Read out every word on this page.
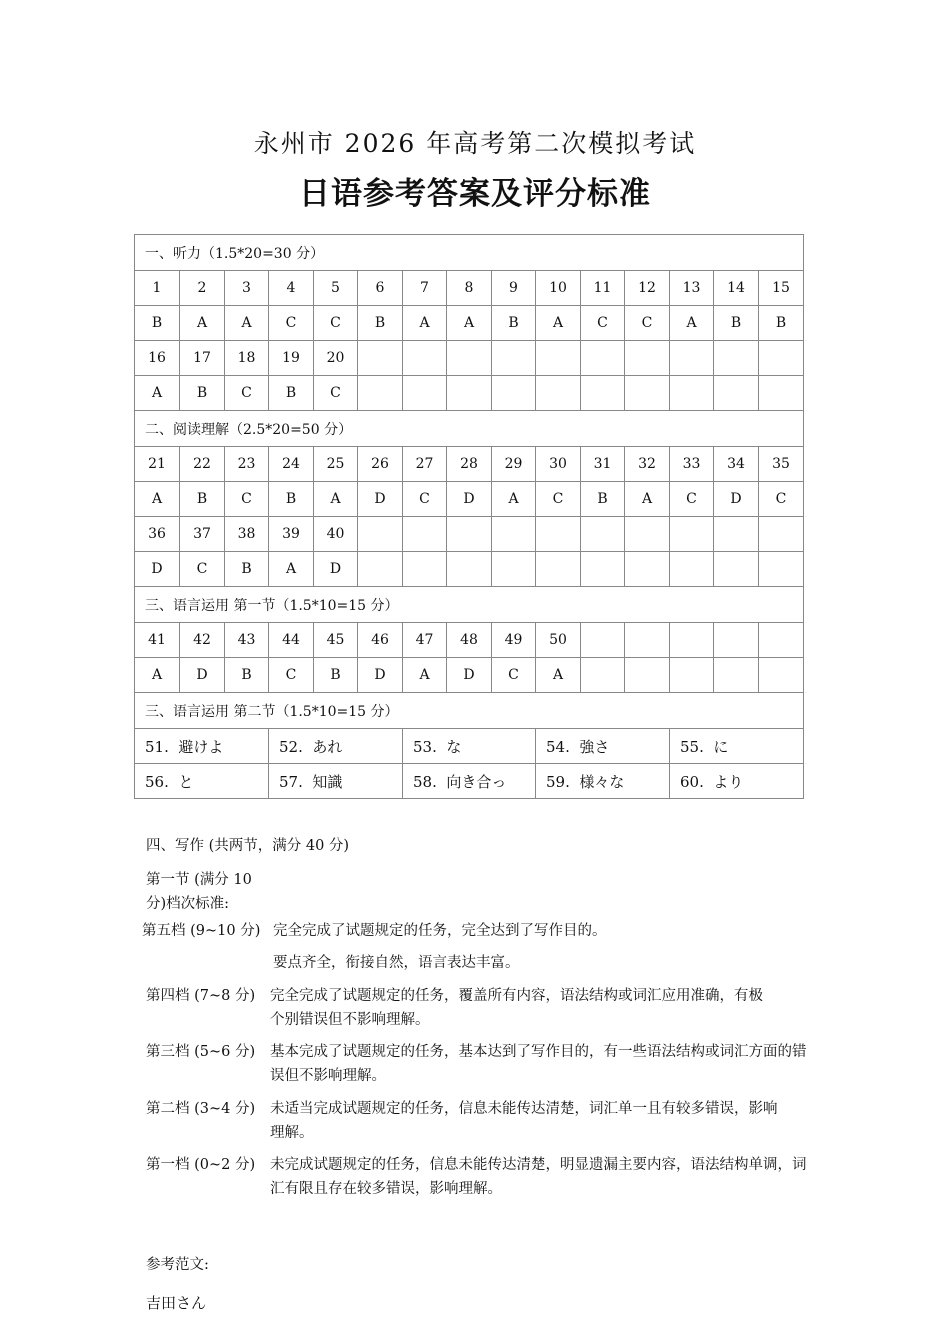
永州市 2026 年高考第二次模拟考试
日语参考答案及评分标准
一、听力（1.5*20=30 分）														
1	2	3	4	5	6	7	8	9	10	11	12	13	14	15
B	A	A	C	C	B	A	A	B	A	C	C	A	B	B
16	17	18	19	20										
A	B	C	B	C										
二、阅读理解（2.5*20=50 分）														
21	22	23	24	25	26	27	28	29	30	31	32	33	34	35
A	B	C	B	A	D	C	D	A	C	B	A	C	D	C
36	37	38	39	40										
D	C	B	A	D										
三、语言运用 第一节（1.5*10=15 分）														
41	42	43	44	45	46	47	48	49	50					
A	D	B	C	B	D	A	D	C	A					
三、语言运用 第二节（1.5*10=15 分）														
51. 避けよ			52. あれ			53. な			54. 強さ			55. に		
56. と			57. 知識			58. 向き合っ			59. 様々な			60. より		
四、写作 (共两节，满分 40 分)
第一节 (满分 10 分)档次标准:
第五档 (9~10 分) 完全完成了试题规定的任务，完全达到了写作目的。
要点齐全，衔接自然，语言表达丰富。
第四档 (7~8 分) 完全完成了试题规定的任务，覆盖所有内容，语法结构或词汇应用准确，有极个别错误但不影响理解。
第三档 (5~6 分) 基本完成了试题规定的任务，基本达到了写作目的，有一些语法结构或词汇方面的错误但不影响理解。
第二档 (3~4 分) 未适当完成试题规定的任务，信息未能传达清楚，词汇单一且有较多错误，影响理解。
第一档 (0~2 分) 未完成试题规定的任务，信息未能传达清楚，明显遗漏主要内容，语法结构单调，词汇有限且存在较多错误，影响理解。
参考范文:
吉田さん
